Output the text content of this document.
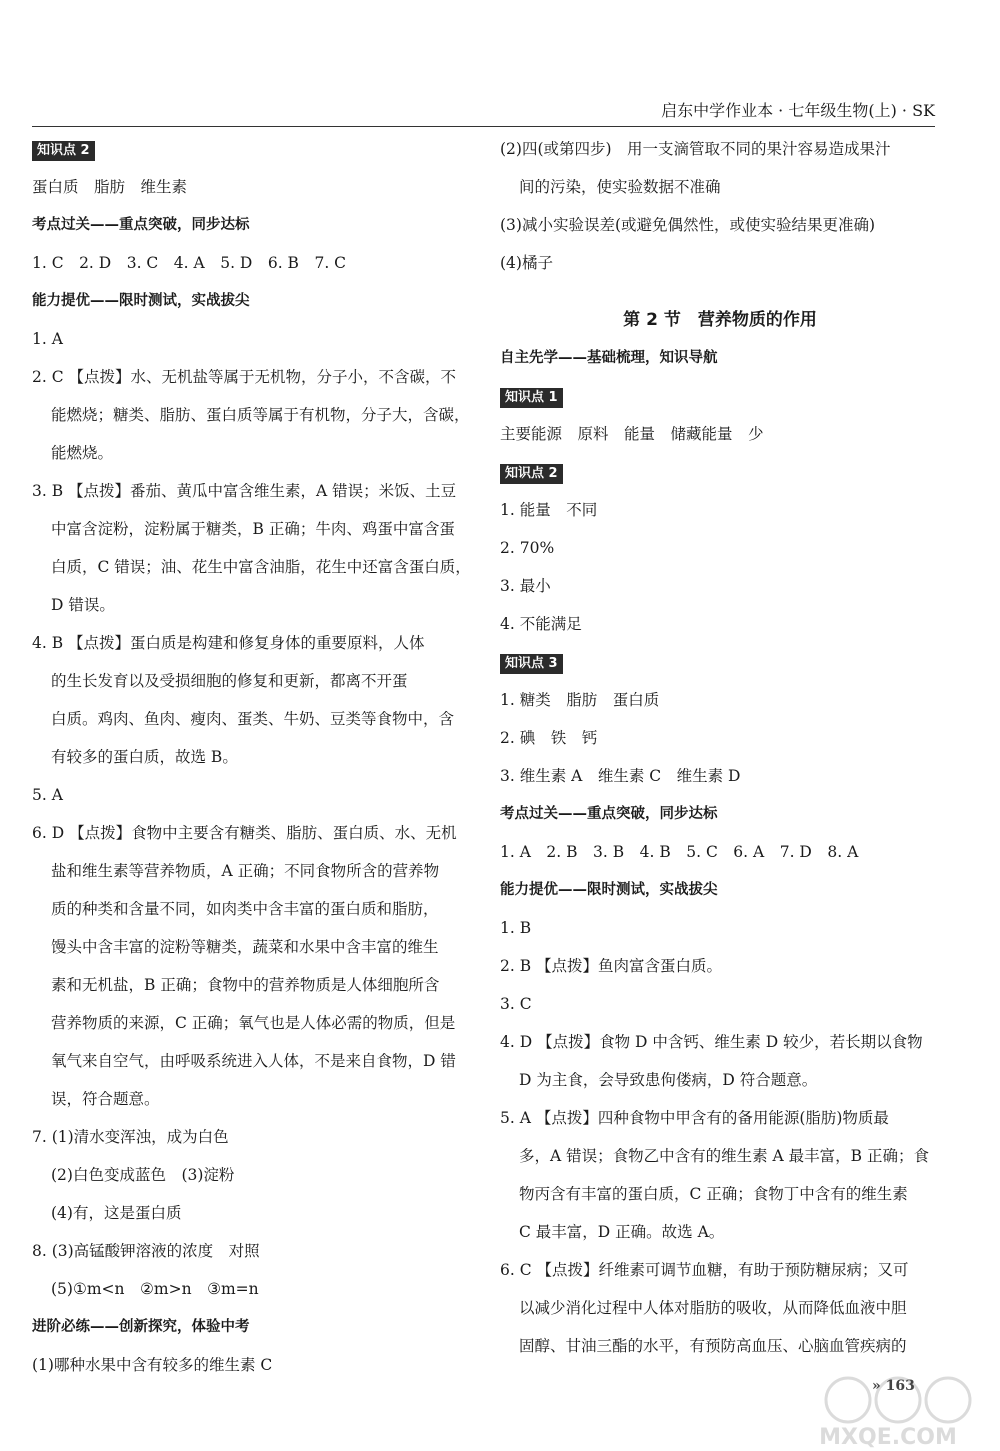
启东中学作业本 · 七年级生物(上) · SK
知识点 2
蛋白质　脂肪　维生素
考点过关——重点突破，同步达标
1. C　2. D　3. C　4. A　5. D　6. B　7. C
能力提优——限时测试，实战拔尖
1. A
2. C 【点拨】水、无机盐等属于无机物，分子小，不含碳，不
能燃烧；糖类、脂肪、蛋白质等属于有机物，分子大，含碳，
能燃烧。
3. B 【点拨】番茄、黄瓜中富含维生素，A 错误；米饭、土豆
中富含淀粉，淀粉属于糖类，B 正确；牛肉、鸡蛋中富含蛋
白质，C 错误；油、花生中富含油脂，花生中还富含蛋白质，
D 错误。
4. B 【点拨】蛋白质是构建和修复身体的重要原料，人体
的生长发育以及受损细胞的修复和更新，都离不开蛋
白质。鸡肉、鱼肉、瘦肉、蛋类、牛奶、豆类等食物中，含
有较多的蛋白质，故选 B。
5. A
6. D 【点拨】食物中主要含有糖类、脂肪、蛋白质、水、无机
盐和维生素等营养物质，A 正确；不同食物所含的营养物
质的种类和含量不同，如肉类中含丰富的蛋白质和脂肪，
馒头中含丰富的淀粉等糖类，蔬菜和水果中含丰富的维生
素和无机盐，B 正确；食物中的营养物质是人体细胞所含
营养物质的来源，C 正确；氧气也是人体必需的物质，但是
氧气来自空气，由呼吸系统进入人体，不是来自食物，D 错
误，符合题意。
7. (1)清水变浑浊，成为白色
(2)白色变成蓝色　(3)淀粉
(4)有，这是蛋白质
8. (3)高锰酸钾溶液的浓度　对照
(5)①m<n　②m>n　③m=n
进阶必练——创新探究，体验中考
(1)哪种水果中含有较多的维生素 C
(2)四(或第四步)　用一支滴管取不同的果汁容易造成果汁
间的污染，使实验数据不准确
(3)减小实验误差(或避免偶然性，或使实验结果更准确)
(4)橘子
第 2 节　营养物质的作用
自主先学——基础梳理，知识导航
知识点 1
主要能源　原料　能量　储藏能量　少
知识点 2
1. 能量　不同
2. 70%
3. 最小
4. 不能满足
知识点 3
1. 糖类　脂肪　蛋白质
2. 碘　铁　钙
3. 维生素 A　维生素 C　维生素 D
考点过关——重点突破，同步达标
1. A　2. B　3. B　4. B　5. C　6. A　7. D　8. A
能力提优——限时测试，实战拔尖
1. B
2. B 【点拨】鱼肉富含蛋白质。
3. C
4. D 【点拨】食物 D 中含钙、维生素 D 较少，若长期以食物
D 为主食，会导致患佝偻病，D 符合题意。
5. A 【点拨】四种食物中甲含有的备用能源(脂肪)物质最
多，A 错误；食物乙中含有的维生素 A 最丰富，B 正确；食
物丙含有丰富的蛋白质，C 正确；食物丁中含有的维生素
C 最丰富，D 正确。故选 A。
6. C 【点拨】纤维素可调节血糖，有助于预防糖尿病；又可
以减少消化过程中人体对脂肪的吸收，从而降低血液中胆
固醇、甘油三酯的水平，有预防高血压、心脑血管疾病的
MXQE.COM
» 163
